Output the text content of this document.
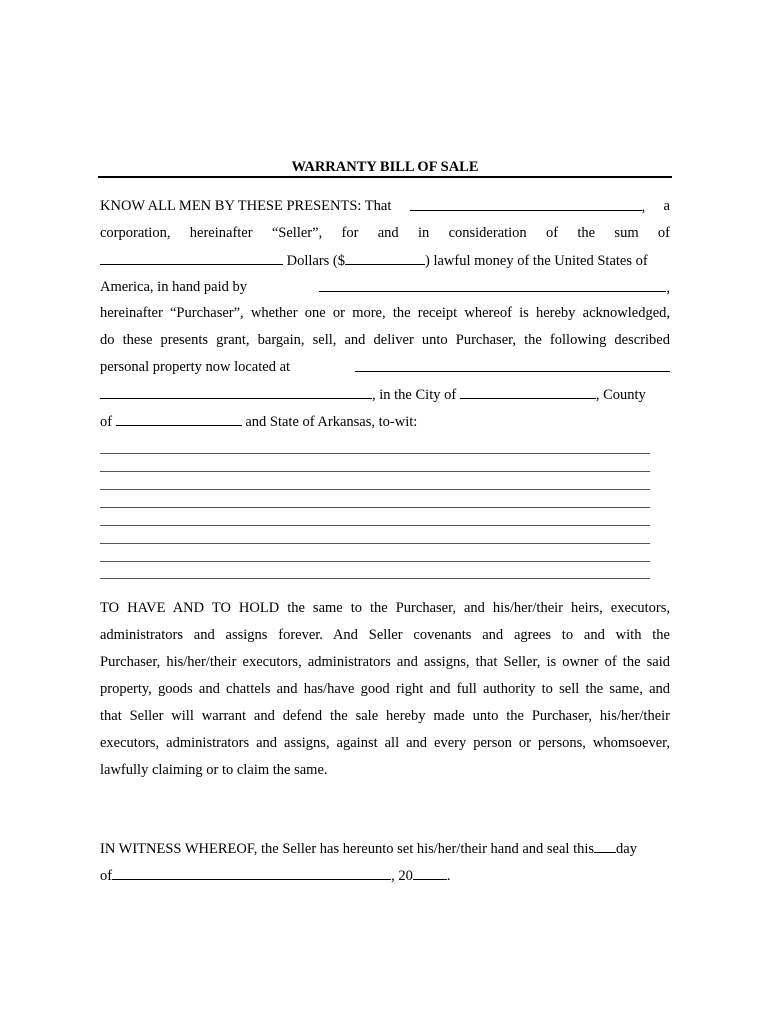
WARRANTY BILL OF SALE
KNOW ALL MEN BY THESE PRESENTS: That	, a
corporation, hereinafter “Seller”, for and in consideration of the sum of
Dollars ($	) lawful money of the United States of
America, in hand paid by	,
hereinafter “Purchaser”, whether one or more, the receipt whereof is hereby acknowledged,
do these presents grant, bargain, sell, and deliver unto Purchaser, the following described
personal property now located at
, in the City of	, County
of	and State of Arkansas, to-wit:
TO HAVE AND TO HOLD the same to the Purchaser, and his/her/their heirs, executors,
administrators and assigns forever. And Seller covenants and agrees to and with the
Purchaser, his/her/their executors, administrators and assigns, that Seller, is owner of the said
property, goods and chattels and has/have good right and full authority to sell the same, and
that Seller will warrant and defend the sale hereby made unto the Purchaser, his/her/their
executors, administrators and assigns, against all and every person or persons, whomsoever,
lawfully claiming or to claim the same.
IN WITNESS WHEREOF, the Seller has hereunto set his/her/their hand and seal this day
of	, 20 .
